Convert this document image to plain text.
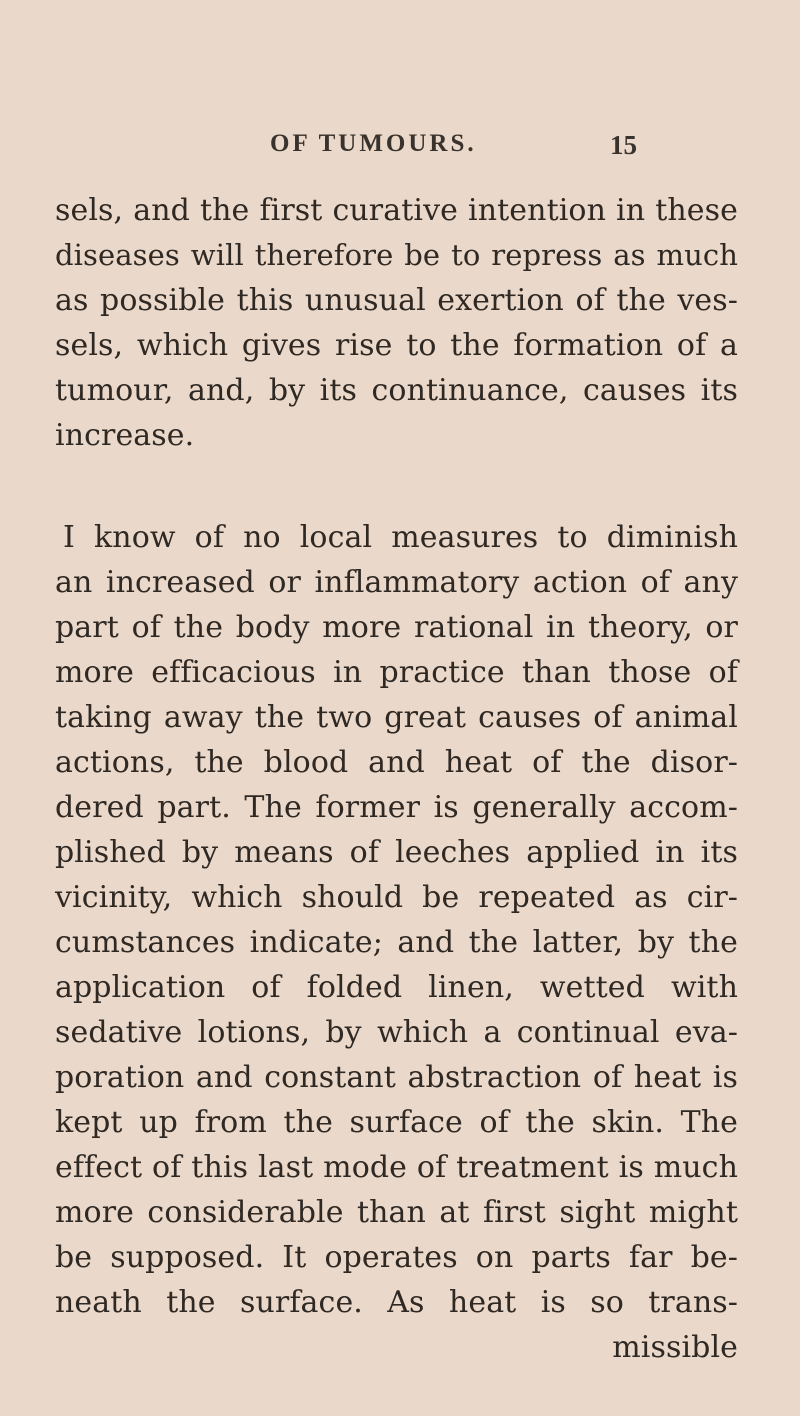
OF TUMOURS.	15
sels, and the first curative intention in these
diseases will therefore be to repress as much
as possible this unusual exertion of the ves-
sels, which gives rise to the formation of a
tumour, and, by its continuance, causes its
increase.
I know of no local measures to diminish
an increased or inflammatory action of any
part of the body more rational in theory, or
more efficacious in practice than those of
taking away the two great causes of animal
actions, the blood and heat of the disor-
dered part. The former is generally accom-
plished by means of leeches applied in its
vicinity, which should be repeated as cir-
cumstances indicate; and the latter, by the
application of folded linen, wetted with
sedative lotions, by which a continual eva-
poration and constant abstraction of heat is
kept up from the surface of the skin. The
effect of this last mode of treatment is much
more considerable than at first sight might
be supposed. It operates on parts far be-
neath the surface. As heat is so trans-
missible
